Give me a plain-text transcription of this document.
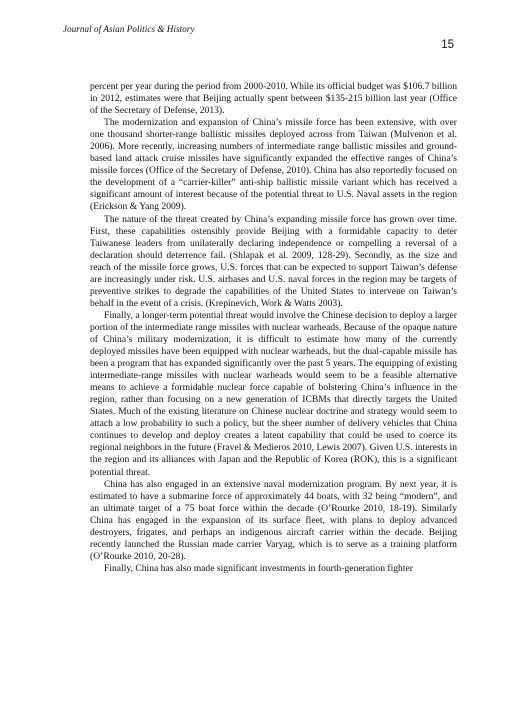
Journal of Asian Politics & History
15

percent per year during the period from 2000-2010. While its official budget was $106.7 billion in 2012, estimates were that Beijing actually spent between $135-215 billion last year (Office of the Secretary of Defense, 2013).

The modernization and expansion of China’s missile force has been extensive, with over one thousand shorter-range ballistic missiles deployed across from Taiwan (Mulvenon et al. 2006). More recently, increasing numbers of intermediate range ballistic missiles and ground-based land attack cruise missiles have significantly expanded the effective ranges of China’s missile forces (Office of the Secretary of Defense, 2010). China has also reportedly focused on the development of a “carrier-killer” anti-ship ballistic missile variant which has received a significant amount of interest because of the potential threat to U.S. Naval assets in the region (Erickson & Yang 2009).

The nature of the threat created by China’s expanding missile force has grown over time. First, these capabilities ostensibly provide Beijing with a formidable capacity to deter Taiwanese leaders from unilaterally declaring independence or compelling a reversal of a declaration should deterrence fail. (Shlapak et al. 2009, 128-29). Secondly, as the size and reach of the missile force grows, U.S. forces that can be expected to support Taiwan’s defense are increasingly under risk. U.S. airbases and U.S. naval forces in the region may be targets of preventive strikes to degrade the capabilities of the United States to intervene on Taiwan’s behalf in the event of a crisis. (Krepinevich, Work & Watts 2003).

Finally, a longer-term potential threat would involve the Chinese decision to deploy a larger portion of the intermediate range missiles with nuclear warheads. Because of the opaque nature of China’s military modernization, it is difficult to estimate how many of the currently deployed missiles have been equipped with nuclear warheads, but the dual-capable missile has been a program that has expanded significantly over the past 5 years. The equipping of existing intermediate-range missiles with nuclear warheads would seem to be a feasible alternative means to achieve a formidable nuclear force capable of bolstering China’s influence in the region, rather than focusing on a new generation of ICBMs that directly targets the United States. Much of the existing literature on Chinese nuclear doctrine and strategy would seem to attach a low probability to such a policy, but the sheer number of delivery vehicles that China continues to develop and deploy creates a latent capability that could be used to coerce its regional neighbors in the future (Fravel & Medieros 2010, Lewis 2007). Given U.S. interests in the region and its alliances with Japan and the Republic of Korea (ROK), this is a significant potential threat.

China has also engaged in an extensive naval modernization program. By next year, it is estimated to have a submarine force of approximately 44 boats, with 32 being “modern”, and an ultimate target of a 75 boat force within the decade (O’Rourke 2010, 18-19). Similarly China has engaged in the expansion of its surface fleet, with plans to deploy advanced destroyers, frigates, and perhaps an indigenous aircraft carrier within the decade. Beijing recently launched the Russian made carrier Varyag, which is to serve as a training platform (O’Rourke 2010, 20-28).

Finally, China has also made significant investments in fourth-generation fighter
